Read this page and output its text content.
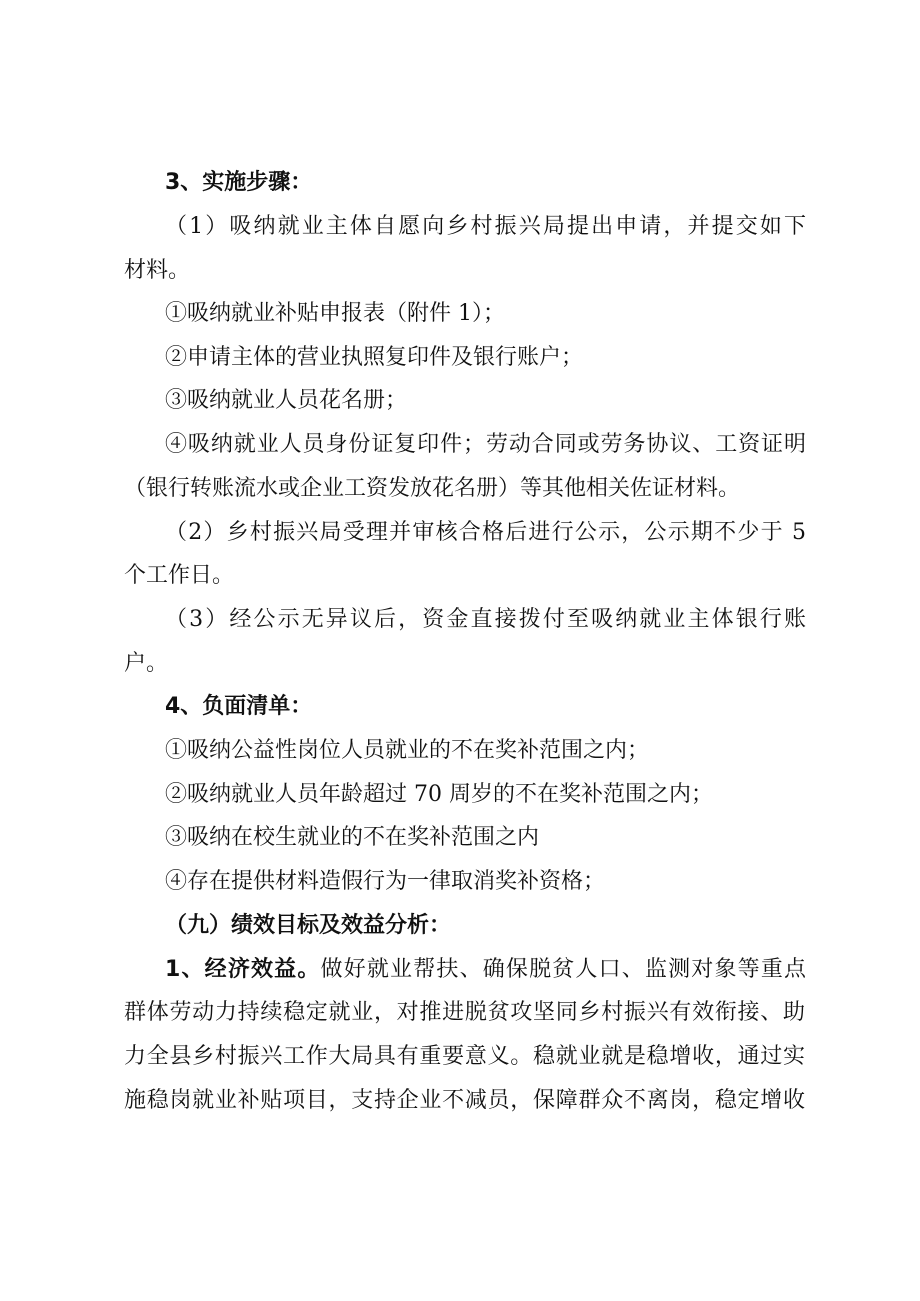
3、实施步骤：
（1）吸纳就业主体自愿向乡村振兴局提出申请，并提交如下
材料。
①吸纳就业补贴申报表（附件 1）；
②申请主体的营业执照复印件及银行账户；
③吸纳就业人员花名册；
④吸纳就业人员身份证复印件；劳动合同或劳务协议、工资证明
（银行转账流水或企业工资发放花名册）等其他相关佐证材料。
（2）乡村振兴局受理并审核合格后进行公示，公示期不少于 5
个工作日。
（3）经公示无异议后，资金直接拨付至吸纳就业主体银行账
户。
4、负面清单：
①吸纳公益性岗位人员就业的不在奖补范围之内；
②吸纳就业人员年龄超过 70 周岁的不在奖补范围之内；
③吸纳在校生就业的不在奖补范围之内
④存在提供材料造假行为一律取消奖补资格；
（九）绩效目标及效益分析：
1、经济效益。做好就业帮扶、确保脱贫人口、监测对象等重点
群体劳动力持续稳定就业，对推进脱贫攻坚同乡村振兴有效衔接、助
力全县乡村振兴工作大局具有重要意义。稳就业就是稳增收，通过实
施稳岗就业补贴项目，支持企业不减员，保障群众不离岗，稳定增收
